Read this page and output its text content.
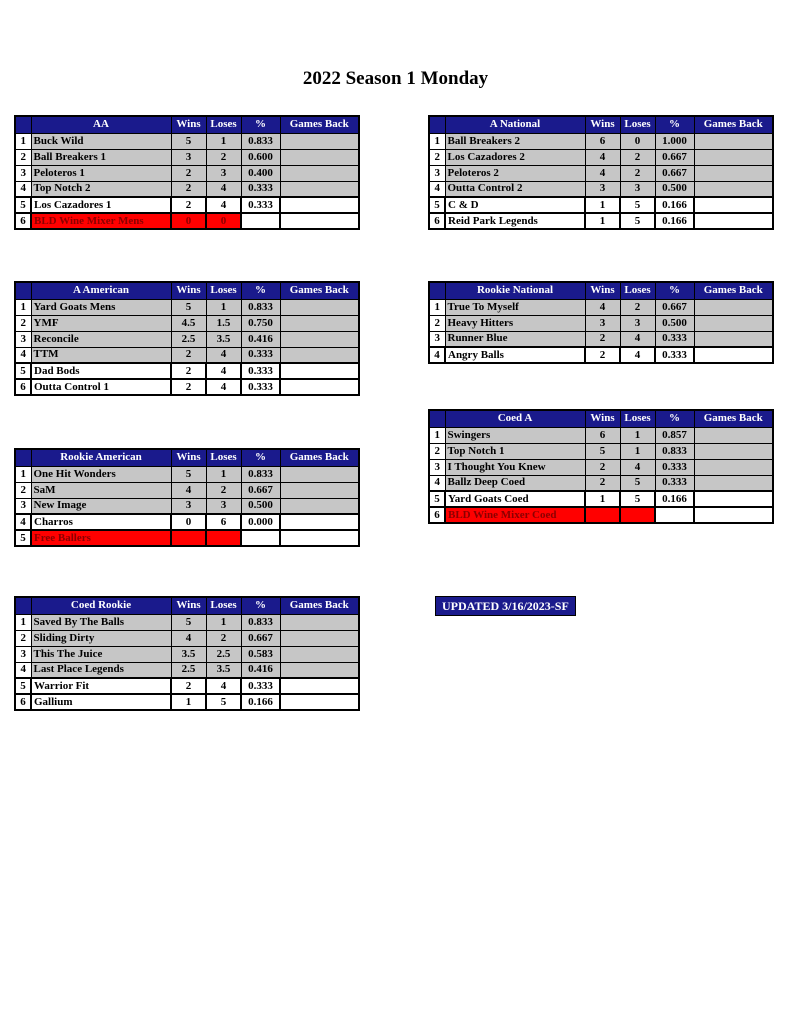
2022 Season 1 Monday
	AA	Wins	Loses	%	Games Back
1	Buck Wild	5	1	0.833	
2	Ball Breakers 1	3	2	0.600	
3	Peloteros 1	2	3	0.400	
4	Top Notch 2	2	4	0.333	
5	Los Cazadores 1	2	4	0.333	
6	BLD Wine Mixer Mens	0	0		
	A National	Wins	Loses	%	Games Back
1	Ball Breakers 2	6	0	1.000	
2	Los Cazadores 2	4	2	0.667	
3	Peloteros 2	4	2	0.667	
4	Outta Control 2	3	3	0.500	
5	C & D	1	5	0.166	
6	Reid Park Legends	1	5	0.166	
	A American	Wins	Loses	%	Games Back
1	Yard Goats Mens	5	1	0.833	
2	YMF	4.5	1.5	0.750	
3	Reconcile	2.5	3.5	0.416	
4	TTM	2	4	0.333	
5	Dad Bods	2	4	0.333	
6	Outta Control 1	2	4	0.333	
	Rookie National	Wins	Loses	%	Games Back
1	True To Myself	4	2	0.667	
2	Heavy Hitters	3	3	0.500	
3	Runner Blue	2	4	0.333	
4	Angry Balls	2	4	0.333	
	Coed A	Wins	Loses	%	Games Back
1	Swingers	6	1	0.857	
2	Top Notch 1	5	1	0.833	
3	I Thought You Knew	2	4	0.333	
4	Ballz Deep Coed	2	5	0.333	
5	Yard Goats Coed	1	5	0.166	
6	BLD Wine Mixer Coed				
	Rookie American	Wins	Loses	%	Games Back
1	One Hit Wonders	5	1	0.833	
2	SaM	4	2	0.667	
3	New Image	3	3	0.500	
4	Charros	0	6	0.000	
5	Free Ballers				
	Coed Rookie	Wins	Loses	%	Games Back
1	Saved By The Balls	5	1	0.833	
2	Sliding Dirty	4	2	0.667	
3	This The Juice	3.5	2.5	0.583	
4	Last Place Legends	2.5	3.5	0.416	
5	Warrior Fit	2	4	0.333	
6	Gallium	1	5	0.166	
UPDATED 3/16/2023-SF
